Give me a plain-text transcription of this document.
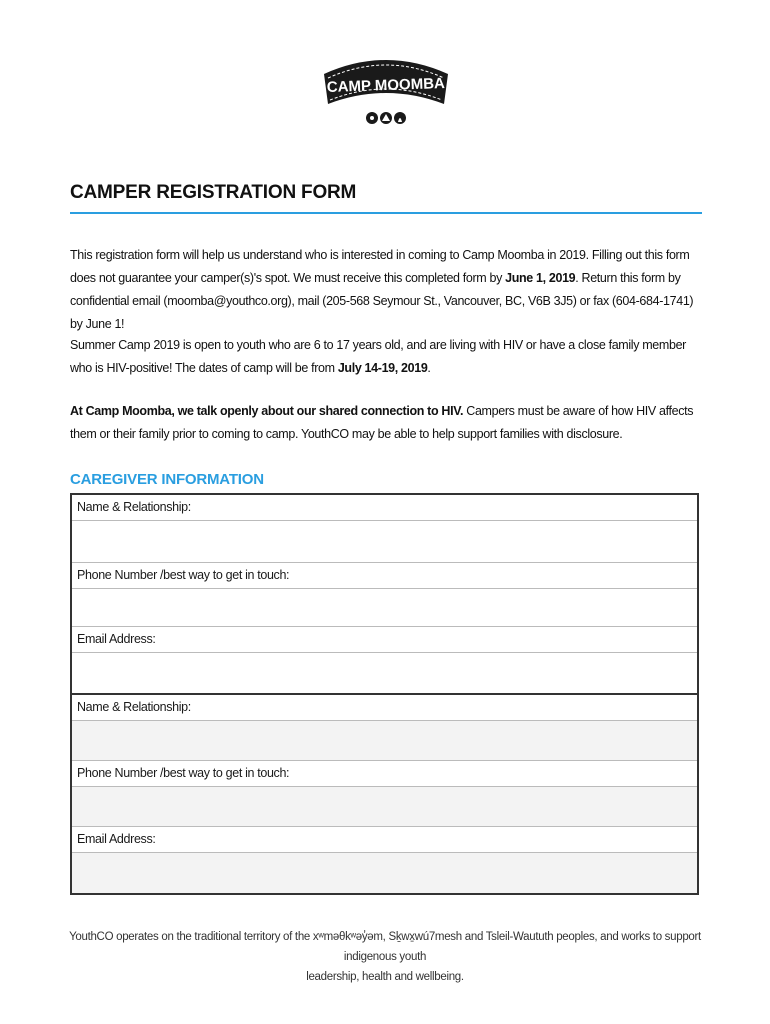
CAMP MOOMBA
CAMPER REGISTRATION FORM
This registration form will help us understand who is interested in coming to Camp Moomba in 2019. Filling out this form does not guarantee your camper(s)'s spot. We must receive this completed form by June 1, 2019. Return this form by confidential email (moomba@youthco.org), mail (205-568 Seymour St., Vancouver, BC, V6B 3J5) or fax (604-684-1741) by June 1!
Summer Camp 2019 is open to youth who are 6 to 17 years old, and are living with HIV or have a close family member who is HIV-positive! The dates of camp will be from July 14-19, 2019.
At Camp Moomba, we talk openly about our shared connection to HIV. Campers must be aware of how HIV affects them or their family prior to coming to camp. YouthCO may be able to help support families with disclosure.
CAREGIVER INFORMATION
Name & Relationship:
Phone Number /best way to get in touch:
Email Address:
Name & Relationship:
Phone Number /best way to get in touch:
Email Address:
YouthCO operates on the traditional territory of the xʷməθkʷəy̓əm, Sḵwx̱wú7mesh and Tsleil-Waututh peoples, and works to support indigenous youth
leadership, health and wellbeing.
